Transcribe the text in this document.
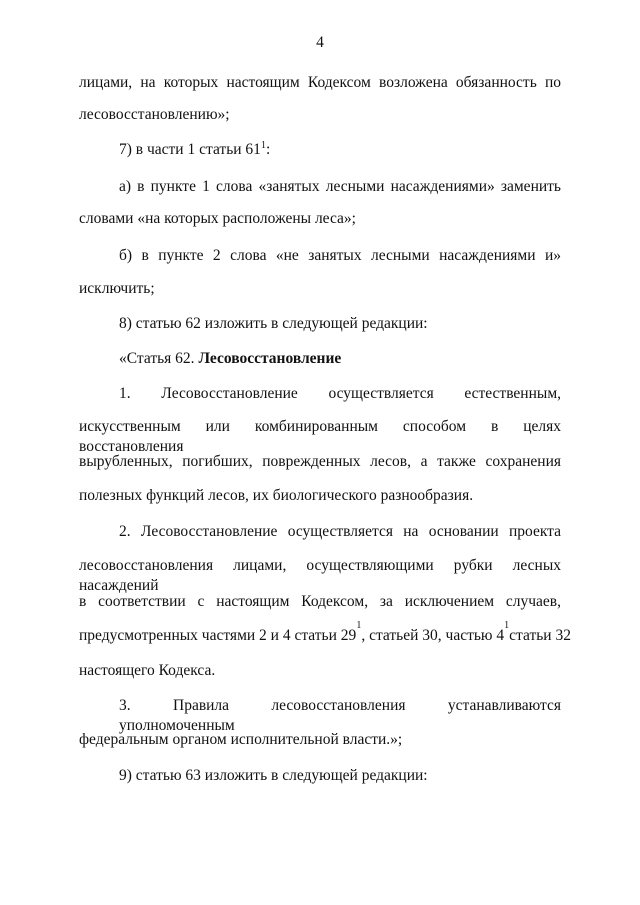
4
лицами, на которых настоящим Кодексом возложена обязанность по
лесовосстановлению»;
7) в части 1 статьи $61^1$:
а) в пункте 1 слова «занятых лесными насаждениями» заменить
словами «на которых расположены леса»;
б) в пункте 2 слова «не занятых лесными насаждениями и»
исключить;
8) статью 62 изложить в следующей редакции:
«Статья 62. Лесовосстановление
1. Лесовосстановление осуществляется естественным,
искусственным или комбинированным способом в целях восстановления
вырубленных, погибших, поврежденных лесов, а также сохранения
полезных функций лесов, их биологического разнообразия.
2. Лесовосстановление осуществляется на основании проекта
лесовосстановления лицами, осуществляющими рубки лесных насаждений
в соответствии с настоящим Кодексом, за исключением случаев,
предусмотренных частями 2 и 4 статьи 29
1
, статьей 30, частью 4
1
статьи 32
настоящего Кодекса.
3. Правила лесовосстановления устанавливаются уполномоченным
федеральным органом исполнительной власти.»;
9) статью 63 изложить в следующей редакции:
